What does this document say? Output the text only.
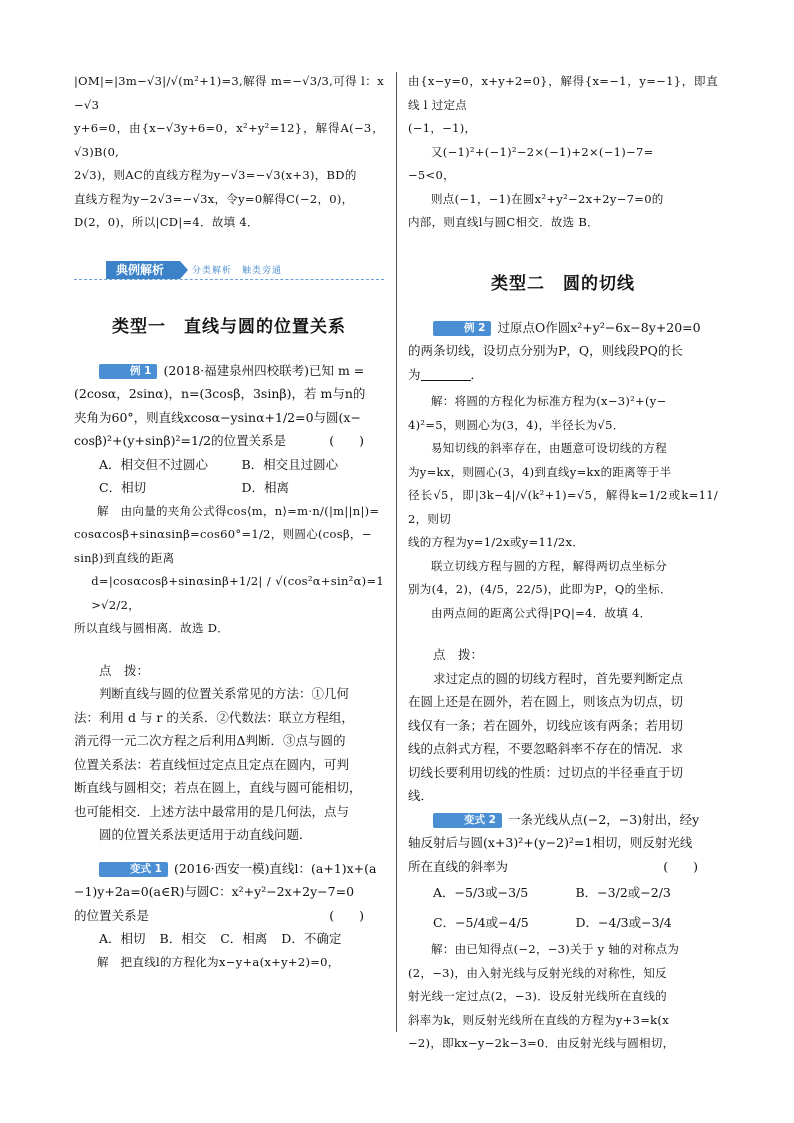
|OM|=|3m−√3|/√(m²+1)=3,解得 m=−√3/3,可得 l：x−√3

y+6=0，由{x−√3y+6=0，x²+y²=12}，解得A(−3，√3)B(0,

2√3)，则AC的直线方程为y−√3=−√3(x+3)，BD的

直线方程为y−2√3=−√3x，令y=0解得C(−2，0)，

D(2，0)，所以|CD|=4．故填 4．

典例解析	分类解析　触类旁通
类型一　直线与圆的位置关系

例 1 (2018·福建泉州四校联考)已知 m =

(2cosα，2sinα)，n=(3cosβ，3sinβ)，若 m与n的

夹角为60°，则直线xcosα−ysinα+1/2=0与圆(x−

cosβ)²+(y+sinβ)²=1/2的位置关系是	(　　)

A．相交但不过圆心	B．相交且过圆心
C．相切	D．相离

解　由向量的夹角公式得cos⟨m，n⟩=m·n/(|m||n|)=

cosαcosβ+sinαsinβ=cos60°=1/2，则圆心(cosβ，−

sinβ)到直线的距离

d=|cosαcosβ+sinαsinβ+1/2| / √(cos²α+sin²α)=1>√2/2，

所以直线与圆相离．故选 D．

点　拨：

判断直线与圆的位置关系常见的方法：①几何

法：利用 d 与 r 的关系．②代数法：联立方程组，

消元得一元二次方程之后利用Δ判断．③点与圆的

位置关系法：若直线恒过定点且定点在圆内，可判

断直线与圆相交；若点在圆上，直线与圆可能相切，

也可能相交．上述方法中最常用的是几何法，点与

圆的位置关系法更适用于动直线问题．

变式 1 (2016·西安一模)直线l：(a+1)x+(a

−1)y+2a=0(a∈R)与圆C：x²+y²−2x+2y−7=0

的位置关系是	(　　)

A．相切 B．相交 C．相离 D．不确定

解　把直线l的方程化为x−y+a(x+y+2)=0，

由{x−y=0，x+y+2=0}，解得{x=−1，y=−1}，即直线 l 过定点

(−1，−1)，

又(−1)²+(−1)²−2×(−1)+2×(−1)−7=

−5<0，

则点(−1，−1)在圆x²+y²−2x+2y−7=0的

内部，则直线l与圆C相交．故选 B．

类型二　圆的切线

例 2 过原点O作圆x²+y²−6x−8y+20=0

的两条切线，设切点分别为P，Q，则线段PQ的长

为	．

解：将圆的方程化为标准方程为(x−3)²+(y−

4)²=5，则圆心为(3，4)，半径长为√5．

易知切线的斜率存在，由题意可设切线的方程

为y=kx，则圆心(3，4)到直线y=kx的距离等于半

径长√5，即|3k−4|/√(k²+1)=√5，解得k=1/2或k=11/2，则切

线的方程为y=1/2x或y=11/2x．

联立切线方程与圆的方程，解得两切点坐标分

别为(4，2)，(4/5，22/5)，此即为P，Q的坐标．

由两点间的距离公式得|PQ|=4．故填 4．

点　拨：

求过定点的圆的切线方程时，首先要判断定点

在圆上还是在圆外，若在圆上，则该点为切点，切

线仅有一条；若在圆外，切线应该有两条；若用切

线的点斜式方程，不要忽略斜率不存在的情况．求

切线长要利用切线的性质：过切点的半径垂直于切

线．

变式 2 一条光线从点(−2，−3)射出，经y

轴反射后与圆(x+3)²+(y−2)²=1相切，则反射光线

所在直线的斜率为	(　　)

A．−5/3或−3/5	B．−3/2或−2/3
C．−5/4或−4/5	D．−4/3或−3/4

解：由已知得点(−2，−3)关于 y 轴的对称点为

(2，−3)，由入射光线与反射光线的对称性，知反

射光线一定过点(2，−3)．设反射光线所在直线的

斜率为k，则反射光线所在直线的方程为y+3=k(x

−2)，即kx−y−2k−3=0．由反射光线与圆相切，
